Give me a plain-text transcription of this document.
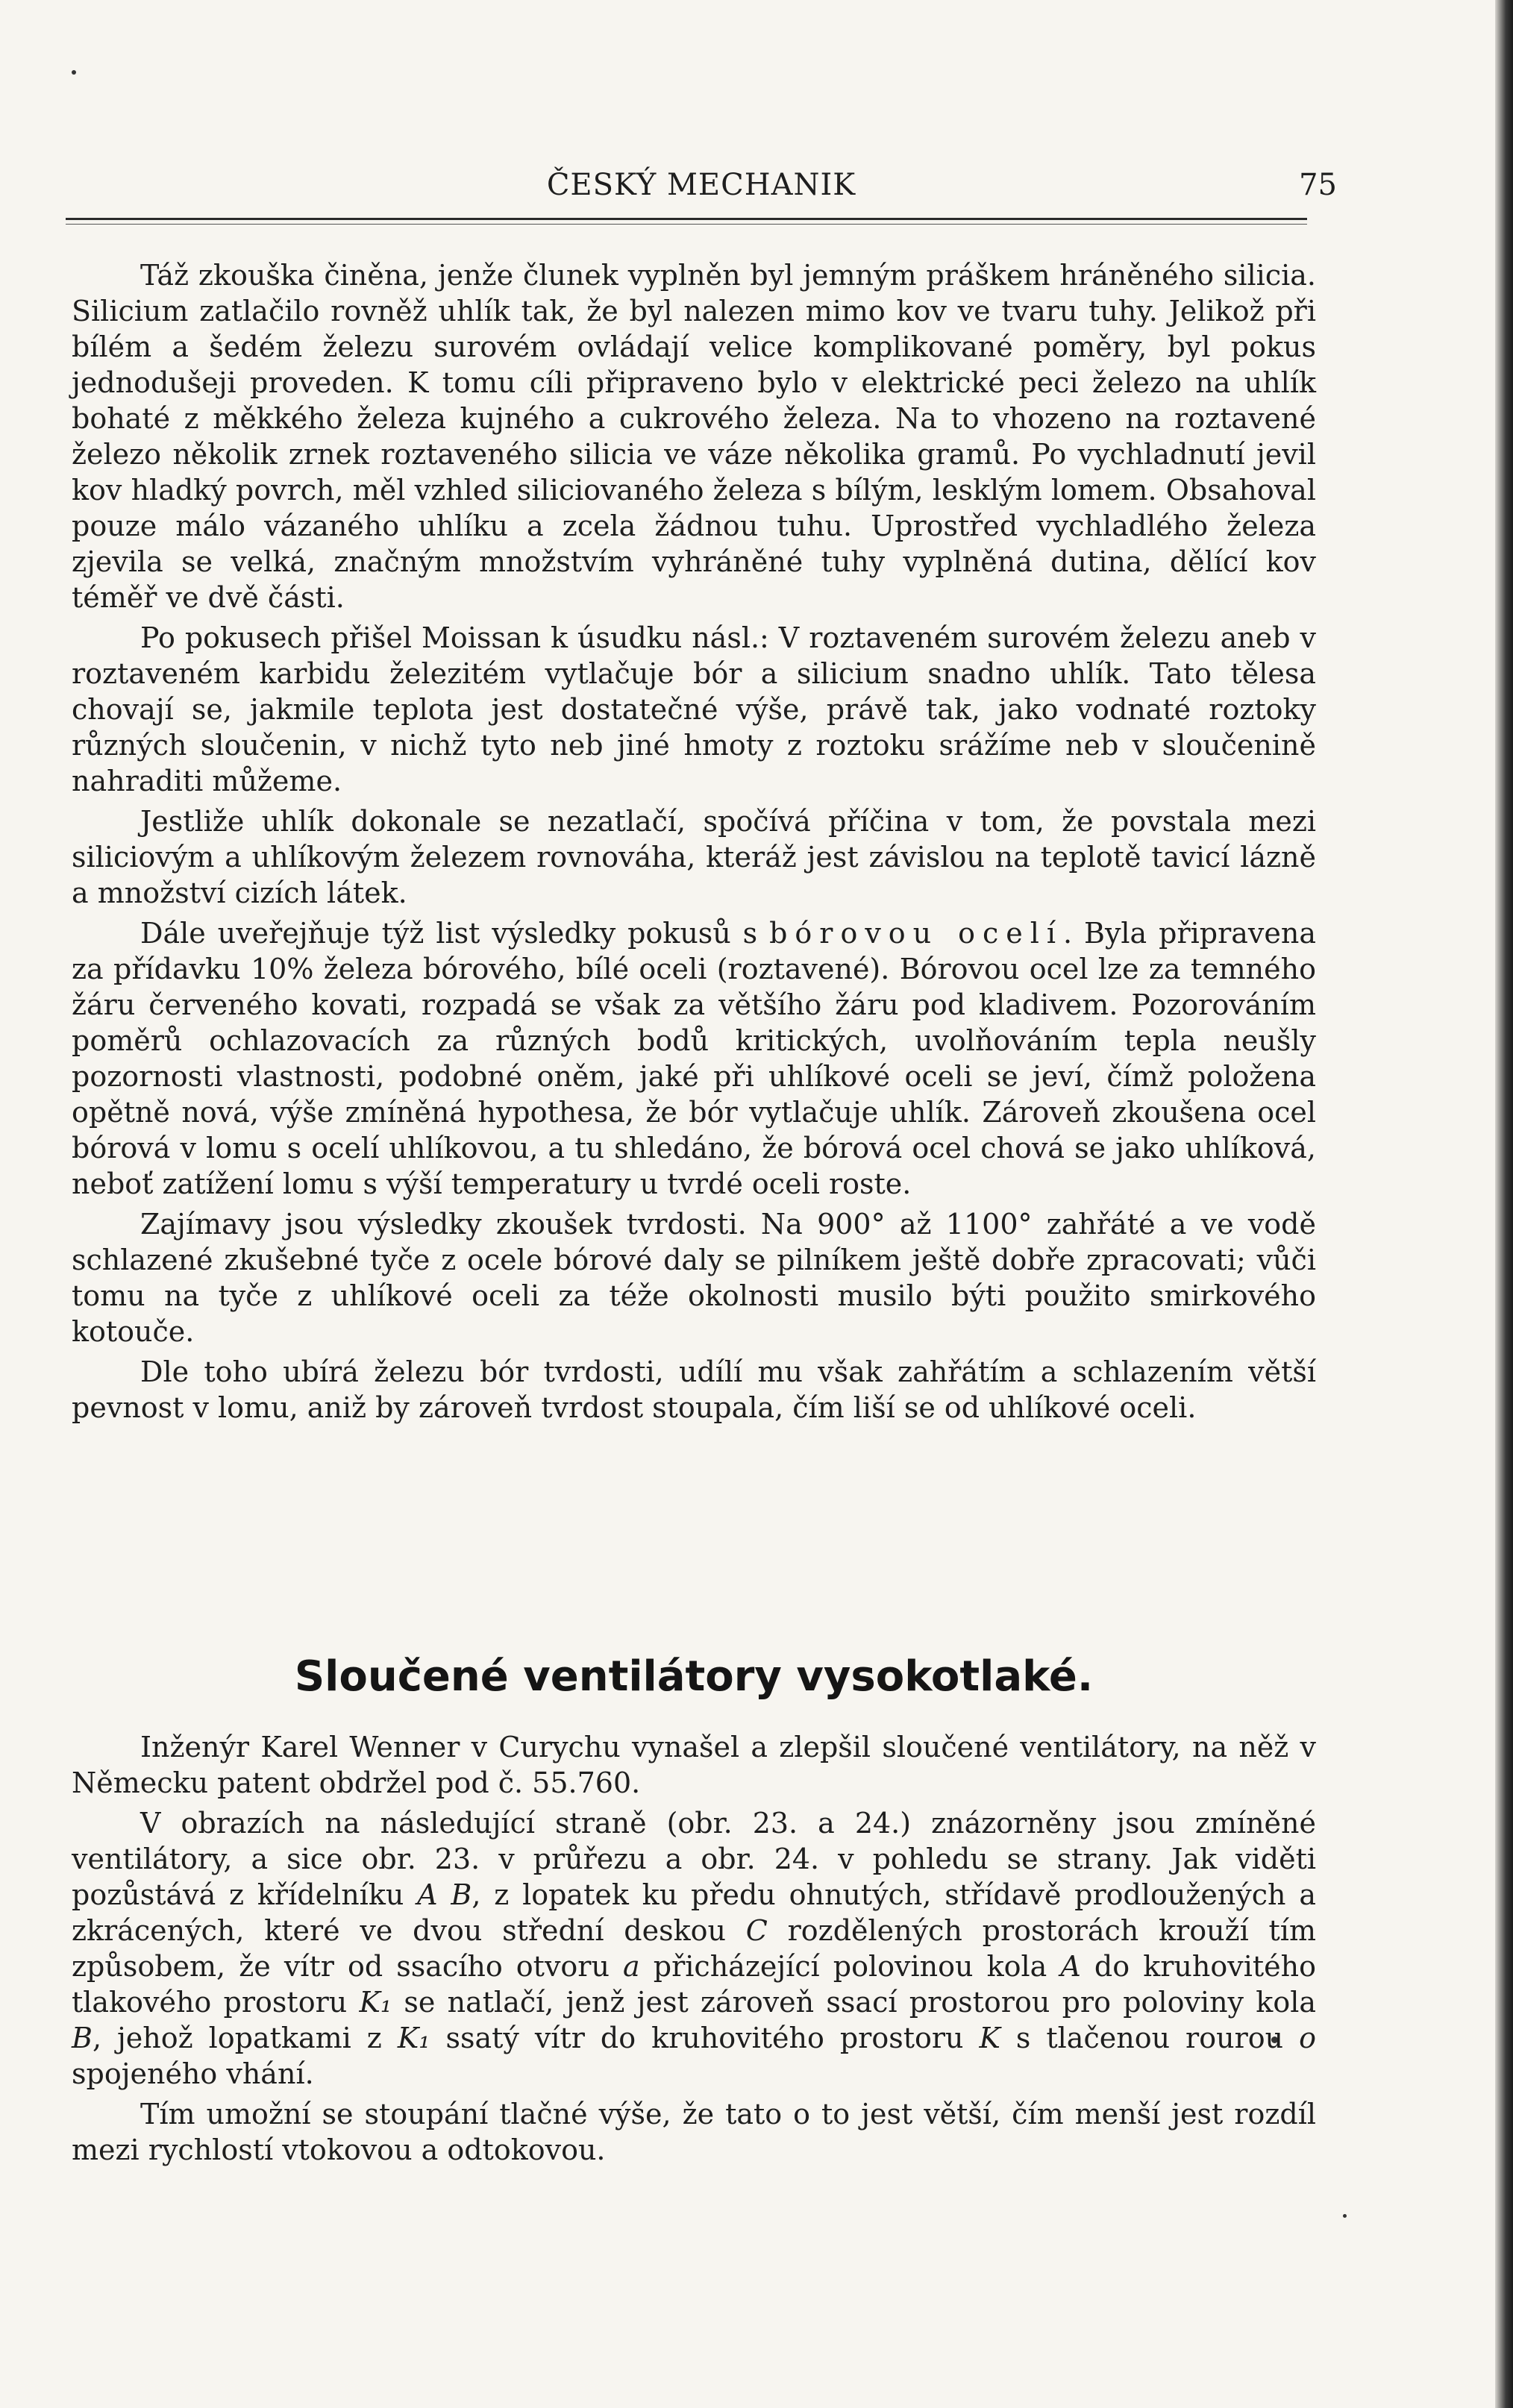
ČESKÝ MECHANIK	75

Táž zkouška činěna, jenže člunek vyplněn byl jemným práškem hráněného silicia. Silicium zatlačilo rovněž uhlík tak, že byl nalezen mimo kov ve tvaru tuhy. Jelikož při bílém a šedém železu surovém ovládají velice komplikované poměry, byl pokus jednodušeji proveden. K tomu cíli připraveno bylo v elektrické peci železo na uhlík bohaté z měkkého železa kujného a cukrového železa. Na to vhozeno na roztavené železo několik zrnek roztaveného silicia ve váze několika gramů. Po vychladnutí jevil kov hladký povrch, měl vzhled siliciovaného železa s bílým, lesklým lomem. Obsahoval pouze málo vázaného uhlíku a zcela žádnou tuhu. Uprostřed vychladlého železa zjevila se velká, značným množstvím vyhráněné tuhy vyplněná dutina, dělící kov téměř ve dvě části.

Po pokusech přišel Moissan k úsudku násl.: V roztaveném surovém železu aneb v roztaveném karbidu železitém vytlačuje bór a silicium snadno uhlík. Tato tělesa chovají se, jakmile teplota jest dostatečné výše, právě tak, jako vodnaté roztoky různých sloučenin, v nichž tyto neb jiné hmoty z roztoku srážíme neb v sloučenině nahraditi můžeme.

Jestliže uhlík dokonale se nezatlačí, spočívá příčina v tom, že povstala mezi siliciovým a uhlíkovým železem rovnováha, kteráž jest závislou na teplotě tavicí lázně a množství cizích látek.

Dále uveřejňuje týž list výsledky pokusů s bórovou ocelí. Byla připravena za přídavku 10% železa bórového, bílé oceli (roztavené). Bórovou ocel lze za temného žáru červeného kovati, rozpadá se však za většího žáru pod kladivem. Pozorováním poměrů ochlazovacích za různých bodů kritických, uvolňováním tepla neušly pozornosti vlastnosti, podobné oněm, jaké při uhlíkové oceli se jeví, čímž položena opětně nová, výše zmíněná hypothesa, že bór vytlačuje uhlík. Zároveň zkoušena ocel bórová v lomu s ocelí uhlíkovou, a tu shledáno, že bórová ocel chová se jako uhlíková, neboť zatížení lomu s výší temperatury u tvrdé oceli roste.

Zajímavy jsou výsledky zkoušek tvrdosti. Na 900° až 1100° zahřáté a ve vodě schlazené zkušebné tyče z ocele bórové daly se pilníkem ještě dobře zpracovati; vůči tomu na tyče z uhlíkové oceli za téže okolnosti musilo býti použito smirkového kotouče.

Dle toho ubírá železu bór tvrdosti, udílí mu však zahřátím a schlazením větší pevnost v lomu, aniž by zároveň tvrdost stoupala, čím liší se od uhlíkové oceli.

Sloučené ventilátory vysokotlaké.

Inženýr Karel Wenner v Curychu vynašel a zlepšil sloučené ventilátory, na něž v Německu patent obdržel pod č. 55.760.

V obrazích na následující straně (obr. 23. a 24.) znázorněny jsou zmíněné ventilátory, a sice obr. 23. v průřezu a obr. 24. v pohledu se strany. Jak viděti pozůstává z křídelníku A B, z lopatek ku předu ohnutých, střídavě prodloužených a zkrácených, které ve dvou střední deskou C rozdělených prostorách krouží tím způsobem, že vítr od ssacího otvoru a přicházející polovinou kola A do kruhovitého tlakového prostoru K₁ se natlačí, jenž jest zároveň ssací prostorou pro poloviny kola B, jehož lopatkami z K₁ ssatý vítr do kruhovitého prostoru K s tlačenou rourou o spojeného vhání.

Tím umožní se stoupání tlačné výše, že tato o to jest větší, čím menší jest rozdíl mezi rychlostí vtokovou a odtokovou.
